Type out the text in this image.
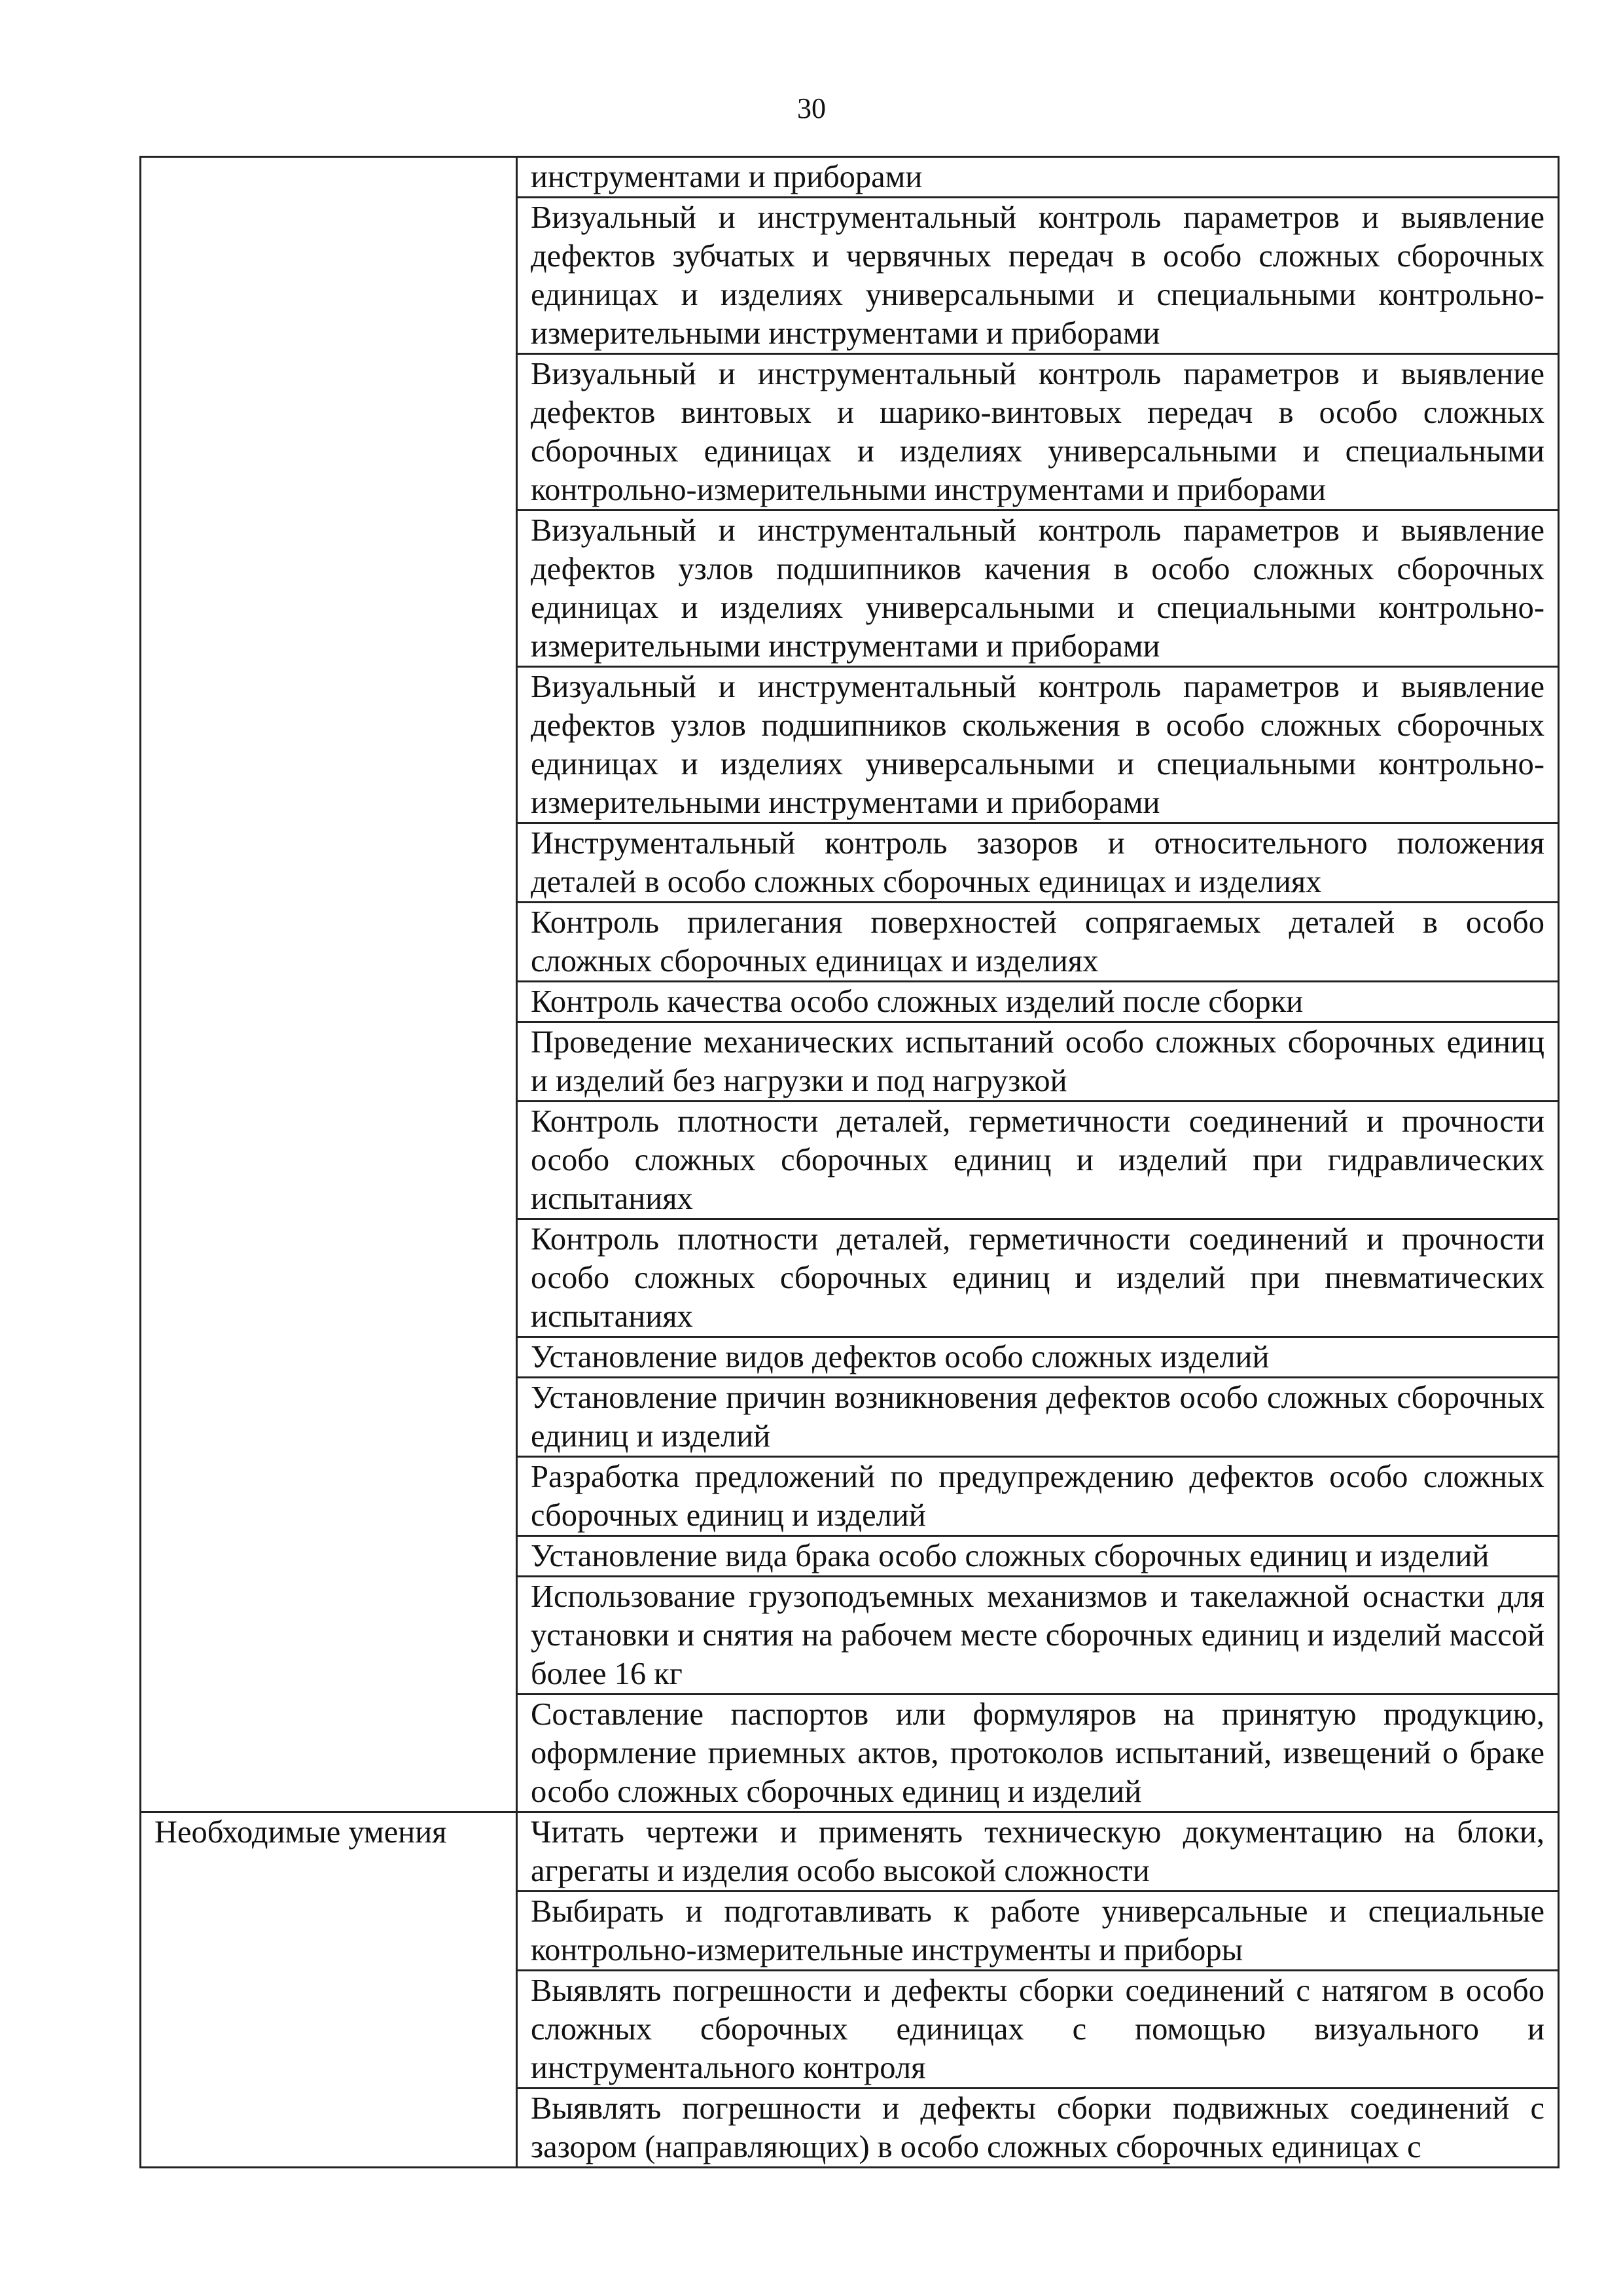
30
	инструментами и приборами
	Визуальный и инструментальный контроль параметров и выявление дефектов зубчатых и червячных передач в особо сложных сборочных единицах и изделиях универсальными и специальными контрольно-измерительными инструментами и приборами
	Визуальный и инструментальный контроль параметров и выявление дефектов винтовых и шарико-винтовых передач в особо сложных сборочных единицах и изделиях универсальными и специальными контрольно-измерительными инструментами и приборами
	Визуальный и инструментальный контроль параметров и выявление дефектов узлов подшипников качения в особо сложных сборочных единицах и изделиях универсальными и специальными контрольно-измерительными инструментами и приборами
	Визуальный и инструментальный контроль параметров и выявление дефектов узлов подшипников скольжения в особо сложных сборочных единицах и изделиях универсальными и специальными контрольно-измерительными инструментами и приборами
	Инструментальный контроль зазоров и относительного положения деталей в особо сложных сборочных единицах и изделиях
	Контроль прилегания поверхностей сопрягаемых деталей в особо сложных сборочных единицах и изделиях
	Контроль качества особо сложных изделий после сборки
	Проведение механических испытаний особо сложных сборочных единиц и изделий без нагрузки и под нагрузкой
	Контроль плотности деталей, герметичности соединений и прочности особо сложных сборочных единиц и изделий при гидравлических испытаниях
	Контроль плотности деталей, герметичности соединений и прочности особо сложных сборочных единиц и изделий при пневматических испытаниях
	Установление видов дефектов особо сложных изделий
	Установление причин возникновения дефектов особо сложных сборочных единиц и изделий
	Разработка предложений по предупреждению дефектов особо сложных сборочных единиц и изделий
	Установление вида брака особо сложных сборочных единиц и изделий
	Использование грузоподъемных механизмов и такелажной оснастки для установки и снятия на рабочем месте сборочных единиц и изделий массой более 16 кг
	Составление паспортов или формуляров на принятую продукцию, оформление приемных актов, протоколов испытаний, извещений о браке особо сложных сборочных единиц и изделий
Необходимые умения	Читать чертежи и применять техническую документацию на блоки, агрегаты и изделия особо высокой сложности
	Выбирать и подготавливать к работе универсальные и специальные контрольно-измерительные инструменты и приборы
	Выявлять погрешности и дефекты сборки соединений с натягом в особо сложных сборочных единицах с помощью визуального и инструментального контроля
	Выявлять погрешности и дефекты сборки подвижных соединений с зазором (направляющих) в особо сложных сборочных единицах с
